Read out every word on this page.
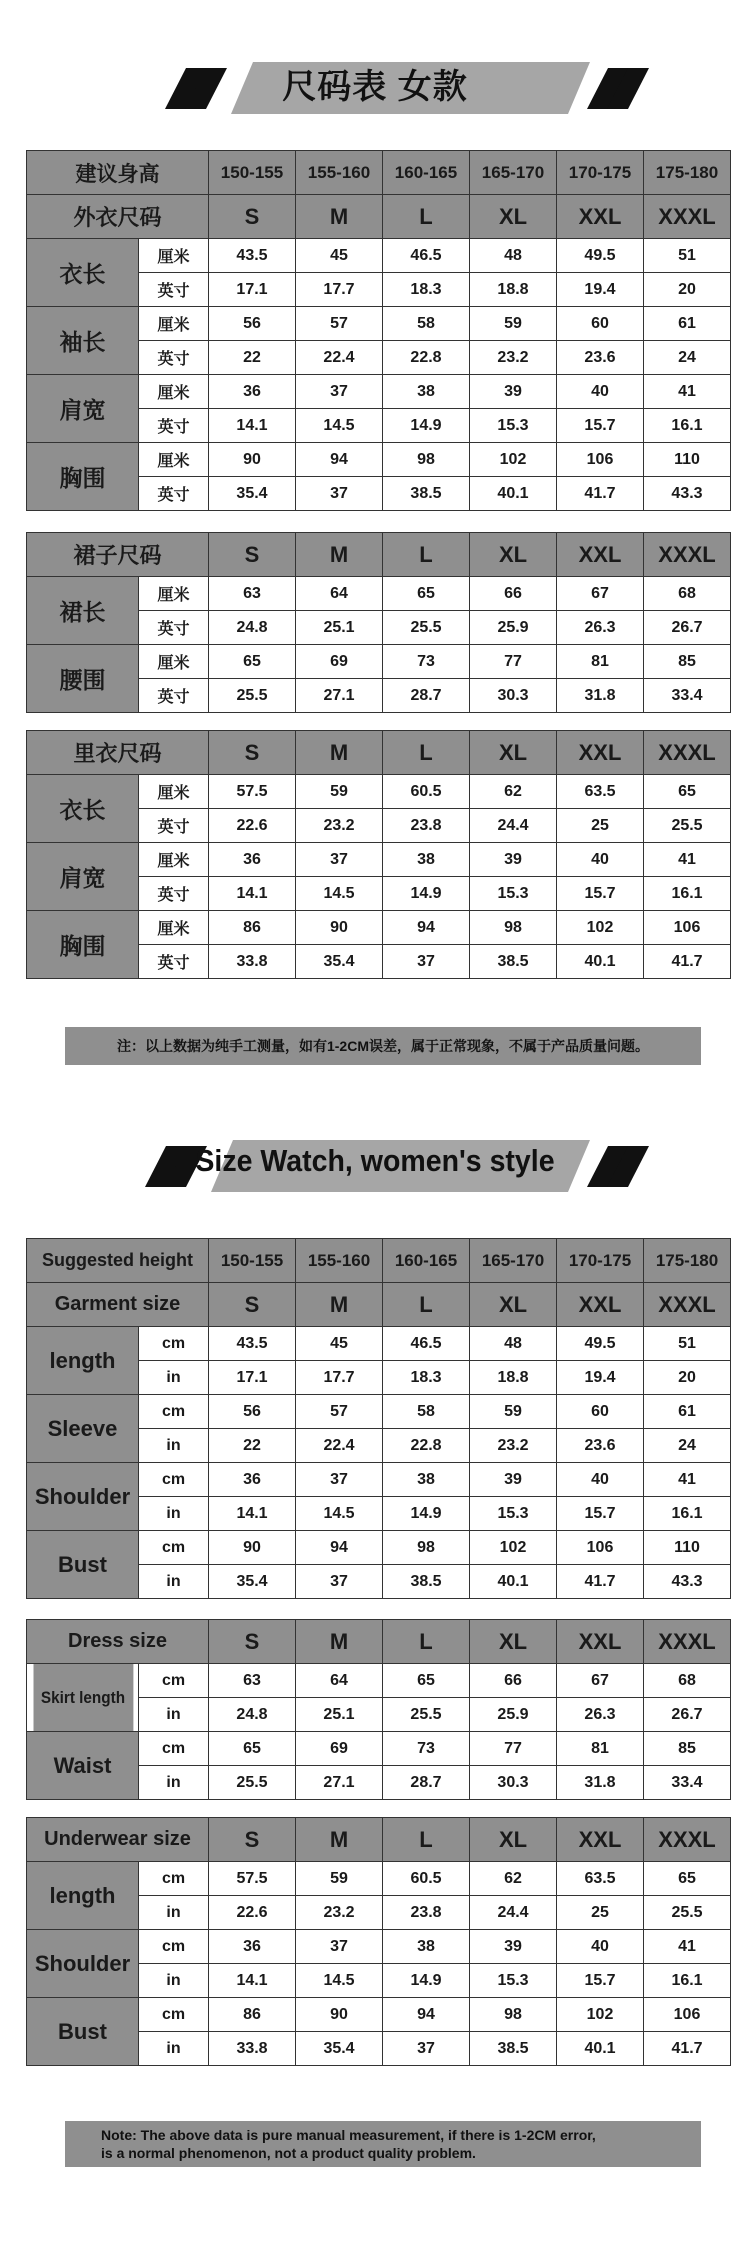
尺码表 女款
建议身高		150-155	155-160	160-165	165-170	170-175	175-180
外衣尺码		S	M	L	XL	XXL	XXXL
衣长	厘米	43.5	45	46.5	48	49.5	51
	英寸	17.1	17.7	18.3	18.8	19.4	20
袖长	厘米	56	57	58	59	60	61
	英寸	22	22.4	22.8	23.2	23.6	24
肩宽	厘米	36	37	38	39	40	41
	英寸	14.1	14.5	14.9	15.3	15.7	16.1
胸围	厘米	90	94	98	102	106	110
	英寸	35.4	37	38.5	40.1	41.7	43.3
裙子尺码		S	M	L	XL	XXL	XXXL
裙长	厘米	63	64	65	66	67	68
	英寸	24.8	25.1	25.5	25.9	26.3	26.7
腰围	厘米	65	69	73	77	81	85
	英寸	25.5	27.1	28.7	30.3	31.8	33.4
里衣尺码		S	M	L	XL	XXL	XXXL
衣长	厘米	57.5	59	60.5	62	63.5	65
	英寸	22.6	23.2	23.8	24.4	25	25.5
肩宽	厘米	36	37	38	39	40	41
	英寸	14.1	14.5	14.9	15.3	15.7	16.1
胸围	厘米	86	90	94	98	102	106
	英寸	33.8	35.4	37	38.5	40.1	41.7
注：以上数据为纯手工测量，如有1-2CM误差，属于正常现象，不属于产品质量问题。
Size Watch, women's style
Suggested height		150-155	155-160	160-165	165-170	170-175	175-180
Garment size		S	M	L	XL	XXL	XXXL
length	cm	43.5	45	46.5	48	49.5	51
	in	17.1	17.7	18.3	18.8	19.4	20
Sleeve	cm	56	57	58	59	60	61
	in	22	22.4	22.8	23.2	23.6	24
Shoulder	cm	36	37	38	39	40	41
	in	14.1	14.5	14.9	15.3	15.7	16.1
Bust	cm	90	94	98	102	106	110
	in	35.4	37	38.5	40.1	41.7	43.3
Dress size		S	M	L	XL	XXL	XXXL
Skirt length	cm	63	64	65	66	67	68
	in	24.8	25.1	25.5	25.9	26.3	26.7
Waist	cm	65	69	73	77	81	85
	in	25.5	27.1	28.7	30.3	31.8	33.4
Underwear size		S	M	L	XL	XXL	XXXL
length	cm	57.5	59	60.5	62	63.5	65
	in	22.6	23.2	23.8	24.4	25	25.5
Shoulder	cm	36	37	38	39	40	41
	in	14.1	14.5	14.9	15.3	15.7	16.1
Bust	cm	86	90	94	98	102	106
	in	33.8	35.4	37	38.5	40.1	41.7
Note: The above data is pure manual measurement, if there is 1-2CM error,
is a normal phenomenon, not a product quality problem.
